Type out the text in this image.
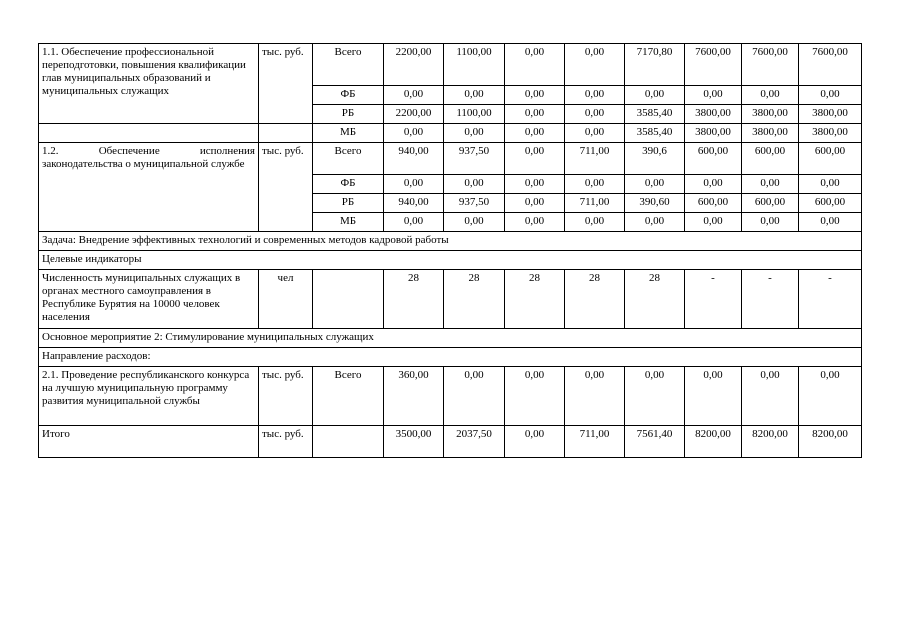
1.1. Обеспечение профессиональной переподготовки, повышения квалификации глав муниципальных образований и муниципальных служащих	тыс. руб.	Всего	2200,00	1100,00	0,00	0,00	7170,80	7600,00	7600,00	7600,00
		ФБ	0,00	0,00	0,00	0,00	0,00	0,00	0,00	0,00
		РБ	2200,00	1100,00	0,00	0,00	3585,40	3800,00	3800,00	3800,00
		МБ	0,00	0,00	0,00	0,00	3585,40	3800,00	3800,00	3800,00
1.2. Обеспечение исполнения законодательства о муниципальной службе	тыс. руб.	Всего	940,00	937,50	0,00	711,00	390,6	600,00	600,00	600,00
		ФБ	0,00	0,00	0,00	0,00	0,00	0,00	0,00	0,00
		РБ	940,00	937,50	0,00	711,00	390,60	600,00	600,00	600,00
		МБ	0,00	0,00	0,00	0,00	0,00	0,00	0,00	0,00
Задача: Внедрение эффективных технологий и современных методов кадровой работы										
Целевые индикаторы										
Численность муниципальных служащих в органах местного самоуправления в Республике Бурятия на 10000 человек населения	чел		28	28	28	28	28	-	-	-
Основное мероприятие 2: Стимулирование муниципальных служащих										
Направление расходов:										
2.1. Проведение республиканского конкурса на лучшую муниципальную программу развития муниципальной службы	тыс. руб.	Всего	360,00	0,00	0,00	0,00	0,00	0,00	0,00	0,00
Итого	тыс. руб.		3500,00	2037,50	0,00	711,00	7561,40	8200,00	8200,00	8200,00
